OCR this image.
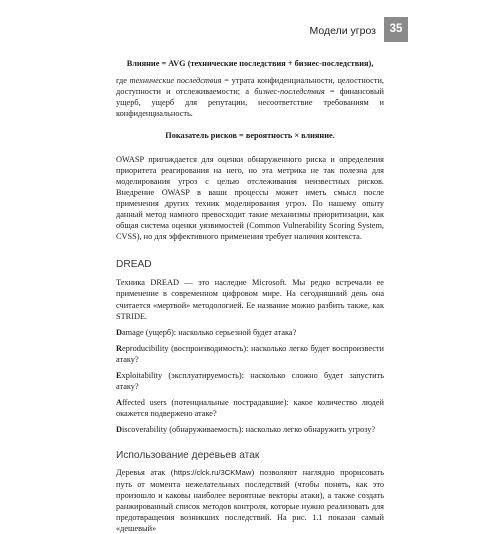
Модели угроз	35
Влияние = AVG (технические последствия + бизнес-последствия),

где технические последствия = утрата конфиденциальности, целостности, доступности и отслеживаемости; а бизнес-последствия = финансовый ущерб, ущерб для репутации, несоответствие требованиям и конфиденциальность.

Показатель рисков = вероятность × влияние.

OWASP пригождается для оценки обнаруженного риска и определения приоритета реагирования на него, но эта метрика не так полезна для моделирования угроз с целью отслеживания неизвестных рисков. Внедрение OWASP в ваши процессы может иметь смысл после применения других техник моделирования угроз. По нашему опыту данный метод намного превосходит такие механизмы приоритизации, как общая система оценки уязвимостей (Common Vulnerability Scoring System, CVSS), но для эффективного применения требует наличия контекста.

DREAD

Техника DREAD — это наследие Microsoft. Мы редко встречали ее применение в современном цифровом мире. На сегодняшний день она считается «мертвой» методологией. Ее название можно разбить также, как STRIDE.

Damage (ущерб): насколько серьезной будет атака?

Reproducibility (воспроизводимость): насколько легко будет воспроизвести атаку?

Exploitability (эксплуатируемость): насколько сложно будет запустить атаку?

Affected users (потенциальные пострадавшие): какое количество людей окажется подвержено атаке?

Discoverability (обнаруживаемость): насколько легко обнаружить угрозу?

Использование деревьев атак

Деревья атак (https://clck.ru/3CKMaw) позволяют наглядно прорисовать путь от момента нежелательных последствий (чтобы понять, как это произошло и каковы наиболее вероятные векторы атаки), а также создать ранжированный список методов контроля, которые нужно реализовать для предотвращения возникших последствий. На рис. 1.1 показан самый «дешевый»
